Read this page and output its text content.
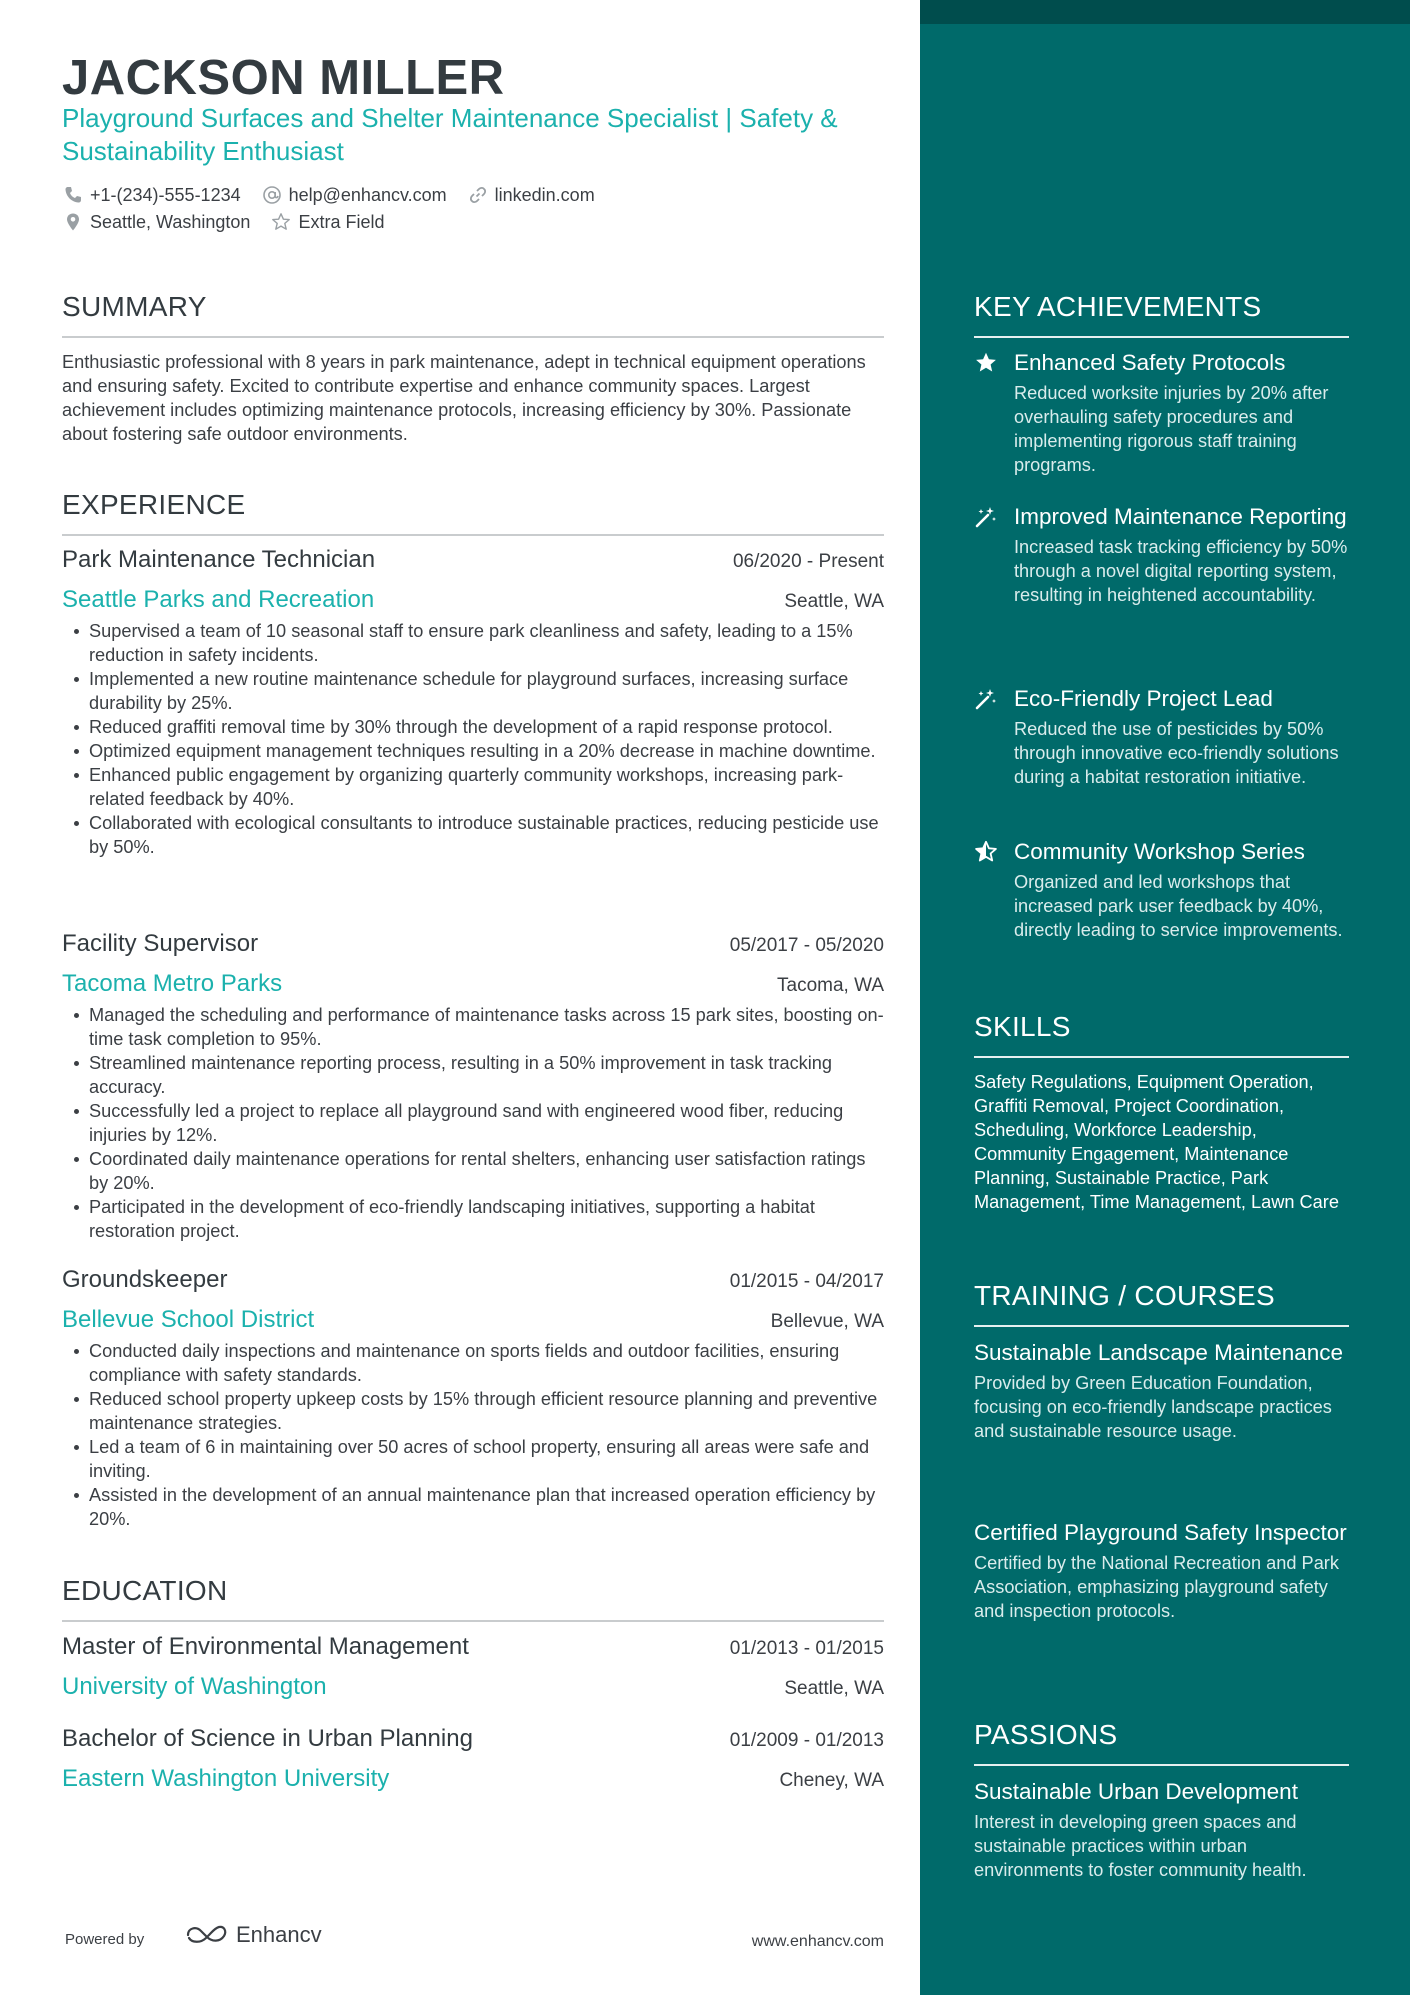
JACKSON MILLER
Playground Surfaces and Shelter Maintenance Specialist | Safety & Sustainability Enthusiast
+1-(234)-555-1234	help@enhancv.com	linkedin.com
Seattle, Washington	Extra Field
SUMMARY
Enthusiastic professional with 8 years in park maintenance, adept in technical equipment operations and ensuring safety. Excited to contribute expertise and enhance community spaces. Largest achievement includes optimizing maintenance protocols, increasing efficiency by 30%. Passionate about fostering safe outdoor environments.
EXPERIENCE
Park Maintenance Technician	06/2020 - Present
Seattle Parks and Recreation	Seattle, WA
Supervised a team of 10 seasonal staff to ensure park cleanliness and safety, leading to a 15% reduction in safety incidents.
Implemented a new routine maintenance schedule for playground surfaces, increasing surface durability by 25%.
Reduced graffiti removal time by 30% through the development of a rapid response protocol.
Optimized equipment management techniques resulting in a 20% decrease in machine downtime.
Enhanced public engagement by organizing quarterly community workshops, increasing park-related feedback by 40%.
Collaborated with ecological consultants to introduce sustainable practices, reducing pesticide use by 50%.
Facility Supervisor	05/2017 - 05/2020
Tacoma Metro Parks	Tacoma, WA
Managed the scheduling and performance of maintenance tasks across 15 park sites, boosting on-time task completion to 95%.
Streamlined maintenance reporting process, resulting in a 50% improvement in task tracking accuracy.
Successfully led a project to replace all playground sand with engineered wood fiber, reducing injuries by 12%.
Coordinated daily maintenance operations for rental shelters, enhancing user satisfaction ratings by 20%.
Participated in the development of eco-friendly landscaping initiatives, supporting a habitat restoration project.
Groundskeeper	01/2015 - 04/2017
Bellevue School District	Bellevue, WA
Conducted daily inspections and maintenance on sports fields and outdoor facilities, ensuring compliance with safety standards.
Reduced school property upkeep costs by 15% through efficient resource planning and preventive maintenance strategies.
Led a team of 6 in maintaining over 50 acres of school property, ensuring all areas were safe and inviting.
Assisted in the development of an annual maintenance plan that increased operation efficiency by 20%.
EDUCATION
Master of Environmental Management	01/2013 - 01/2015
University of Washington	Seattle, WA
Bachelor of Science in Urban Planning	01/2009 - 01/2013
Eastern Washington University	Cheney, WA
www.enhancv.com
Powered by	Enhancv
KEY ACHIEVEMENTS
Enhanced Safety Protocols
Reduced worksite injuries by 20% after overhauling safety procedures and implementing rigorous staff training programs.
Improved Maintenance Reporting
Increased task tracking efficiency by 50% through a novel digital reporting system, resulting in heightened accountability.
Eco-Friendly Project Lead
Reduced the use of pesticides by 50% through innovative eco-friendly solutions during a habitat restoration initiative.
Community Workshop Series
Organized and led workshops that increased park user feedback by 40%, directly leading to service improvements.
SKILLS
Safety Regulations, Equipment Operation, Graffiti Removal, Project Coordination, Scheduling, Workforce Leadership, Community Engagement, Maintenance Planning, Sustainable Practice, Park Management, Time Management, Lawn Care
TRAINING / COURSES
Sustainable Landscape Maintenance
Provided by Green Education Foundation, focusing on eco-friendly landscape practices and sustainable resource usage.
Certified Playground Safety Inspector
Certified by the National Recreation and Park Association, emphasizing playground safety and inspection protocols.
PASSIONS
Sustainable Urban Development
Interest in developing green spaces and sustainable practices within urban environments to foster community health.
